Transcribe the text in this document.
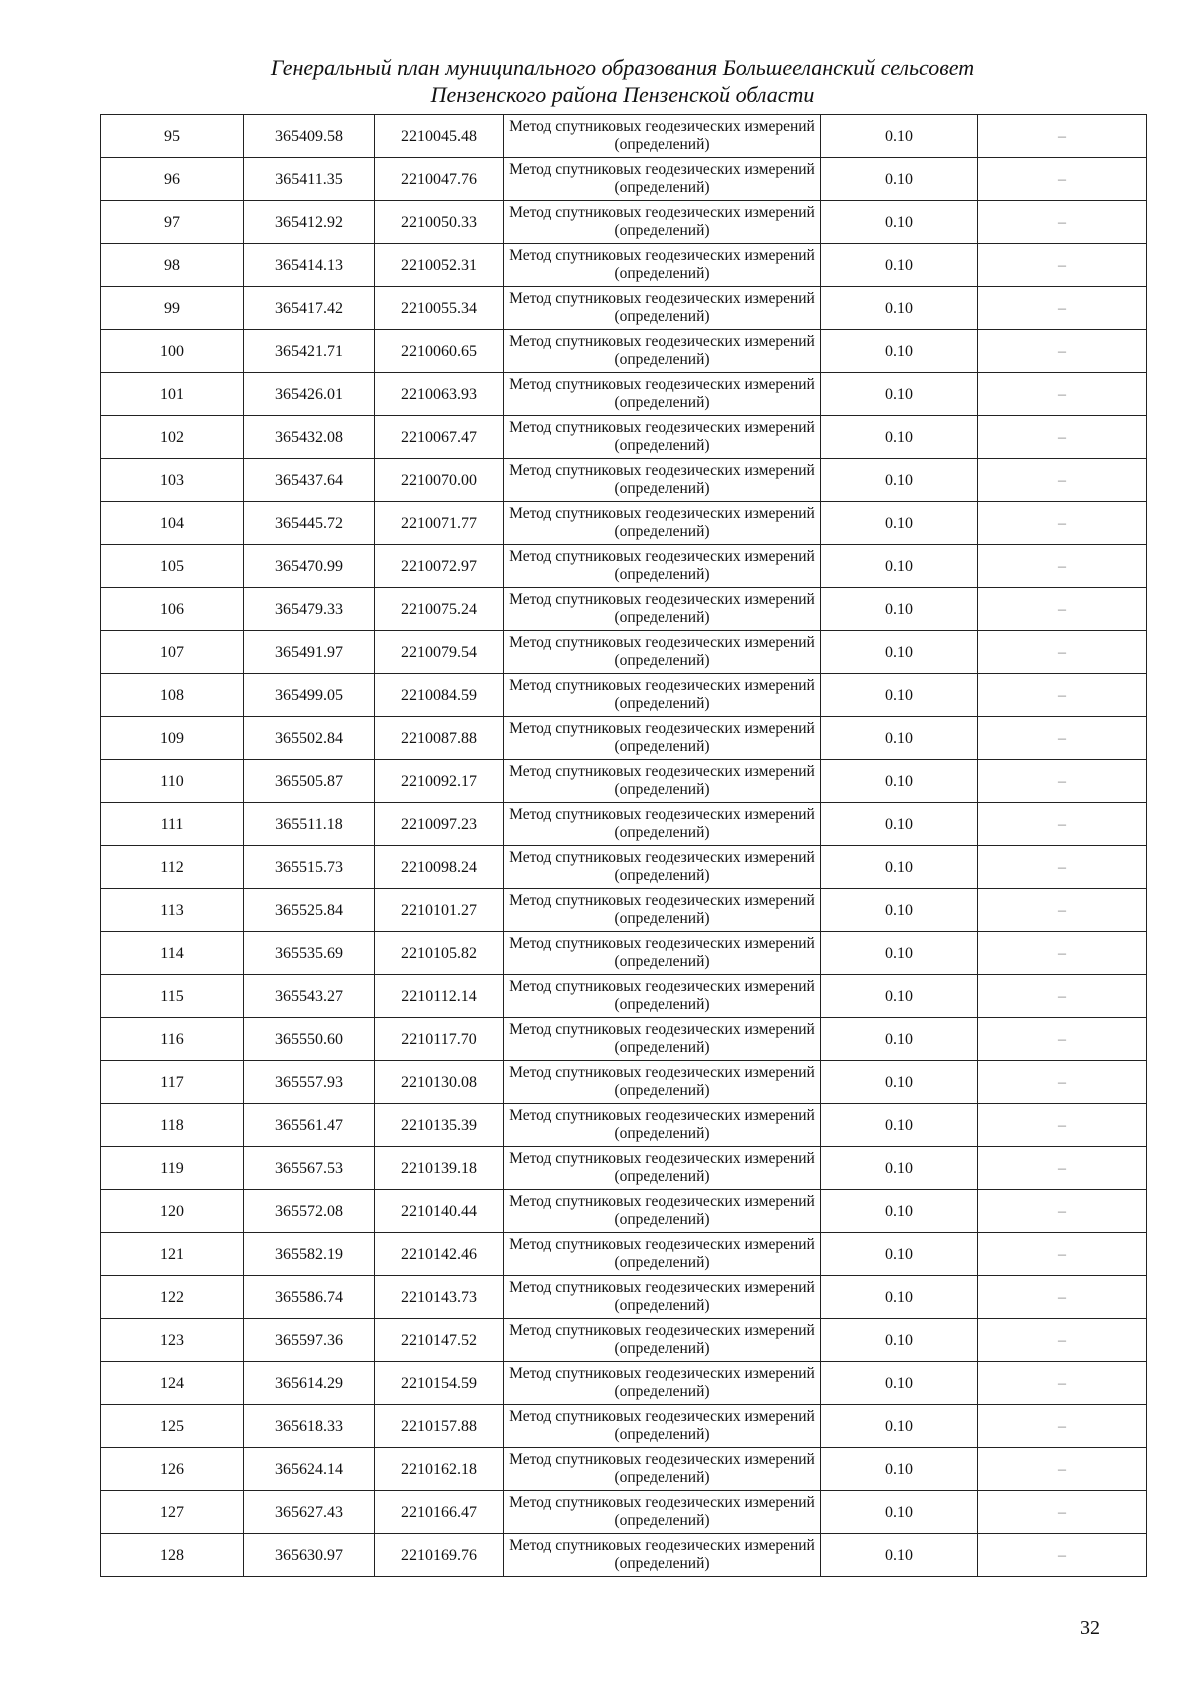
Генеральный план муниципального образования Большееланский сельсовет
Пензенского района Пензенской области
95	365409.58	2210045.48	Метод спутниковых геодезических измерений (определений)	0.10	–
96	365411.35	2210047.76	Метод спутниковых геодезических измерений (определений)	0.10	–
97	365412.92	2210050.33	Метод спутниковых геодезических измерений (определений)	0.10	–
98	365414.13	2210052.31	Метод спутниковых геодезических измерений (определений)	0.10	–
99	365417.42	2210055.34	Метод спутниковых геодезических измерений (определений)	0.10	–
100	365421.71	2210060.65	Метод спутниковых геодезических измерений (определений)	0.10	–
101	365426.01	2210063.93	Метод спутниковых геодезических измерений (определений)	0.10	–
102	365432.08	2210067.47	Метод спутниковых геодезических измерений (определений)	0.10	–
103	365437.64	2210070.00	Метод спутниковых геодезических измерений (определений)	0.10	–
104	365445.72	2210071.77	Метод спутниковых геодезических измерений (определений)	0.10	–
105	365470.99	2210072.97	Метод спутниковых геодезических измерений (определений)	0.10	–
106	365479.33	2210075.24	Метод спутниковых геодезических измерений (определений)	0.10	–
107	365491.97	2210079.54	Метод спутниковых геодезических измерений (определений)	0.10	–
108	365499.05	2210084.59	Метод спутниковых геодезических измерений (определений)	0.10	–
109	365502.84	2210087.88	Метод спутниковых геодезических измерений (определений)	0.10	–
110	365505.87	2210092.17	Метод спутниковых геодезических измерений (определений)	0.10	–
111	365511.18	2210097.23	Метод спутниковых геодезических измерений (определений)	0.10	–
112	365515.73	2210098.24	Метод спутниковых геодезических измерений (определений)	0.10	–
113	365525.84	2210101.27	Метод спутниковых геодезических измерений (определений)	0.10	–
114	365535.69	2210105.82	Метод спутниковых геодезических измерений (определений)	0.10	–
115	365543.27	2210112.14	Метод спутниковых геодезических измерений (определений)	0.10	–
116	365550.60	2210117.70	Метод спутниковых геодезических измерений (определений)	0.10	–
117	365557.93	2210130.08	Метод спутниковых геодезических измерений (определений)	0.10	–
118	365561.47	2210135.39	Метод спутниковых геодезических измерений (определений)	0.10	–
119	365567.53	2210139.18	Метод спутниковых геодезических измерений (определений)	0.10	–
120	365572.08	2210140.44	Метод спутниковых геодезических измерений (определений)	0.10	–
121	365582.19	2210142.46	Метод спутниковых геодезических измерений (определений)	0.10	–
122	365586.74	2210143.73	Метод спутниковых геодезических измерений (определений)	0.10	–
123	365597.36	2210147.52	Метод спутниковых геодезических измерений (определений)	0.10	–
124	365614.29	2210154.59	Метод спутниковых геодезических измерений (определений)	0.10	–
125	365618.33	2210157.88	Метод спутниковых геодезических измерений (определений)	0.10	–
126	365624.14	2210162.18	Метод спутниковых геодезических измерений (определений)	0.10	–
127	365627.43	2210166.47	Метод спутниковых геодезических измерений (определений)	0.10	–
128	365630.97	2210169.76	Метод спутниковых геодезических измерений (определений)	0.10	–
32
